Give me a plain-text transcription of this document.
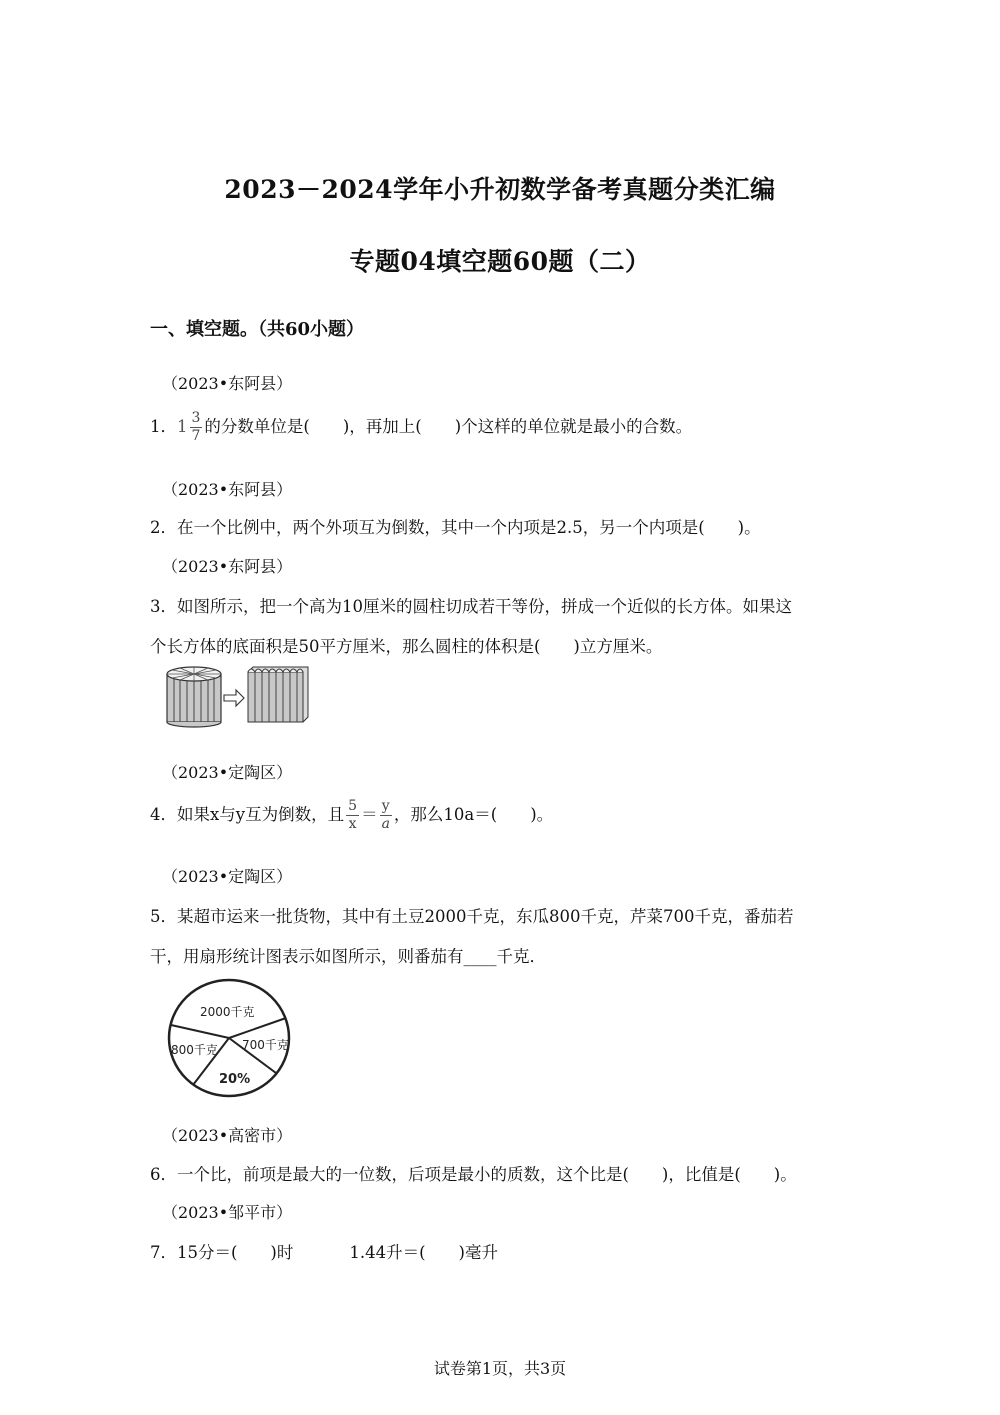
2023－2024学年小升初数学备考真题分类汇编
专题04填空题60题（二）
一、填空题。（共60小题）
（2023•东阿县）
1．$1 \frac{3}{7}$ 的分数单位是(　　)，再加上(　　)个这样的单位就是最小的合数。
（2023•东阿县）
2．在一个比例中，两个外项互为倒数，其中一个内项是2.5，另一个内项是(　　)。
（2023•东阿县）
3．如图所示，把一个高为10厘米的圆柱切成若干等份，拼成一个近似的长方体。如果这
个长方体的底面积是50平方厘米，那么圆柱的体积是(　　)立方厘米。
（2023•定陶区）
4．如果x与y互为倒数，且 $\frac{5}{x} = \frac{y}{a}$ ，那么10a＝(　　)。
（2023•定陶区）
5．某超市运来一批货物，其中有土豆2000千克，东瓜800千克，芹菜700千克，番茄若
干，用扇形统计图表示如图所示，则番茄有____千克．
2000千克
800千克 700千克
20%
（2023•高密市）
6．一个比，前项是最大的一位数，后项是最小的质数，这个比是(　　)，比值是(　　)。
（2023•邹平市）
7．15分＝(　　)时	1.44升＝(　　)毫升
试卷第1页，共3页
